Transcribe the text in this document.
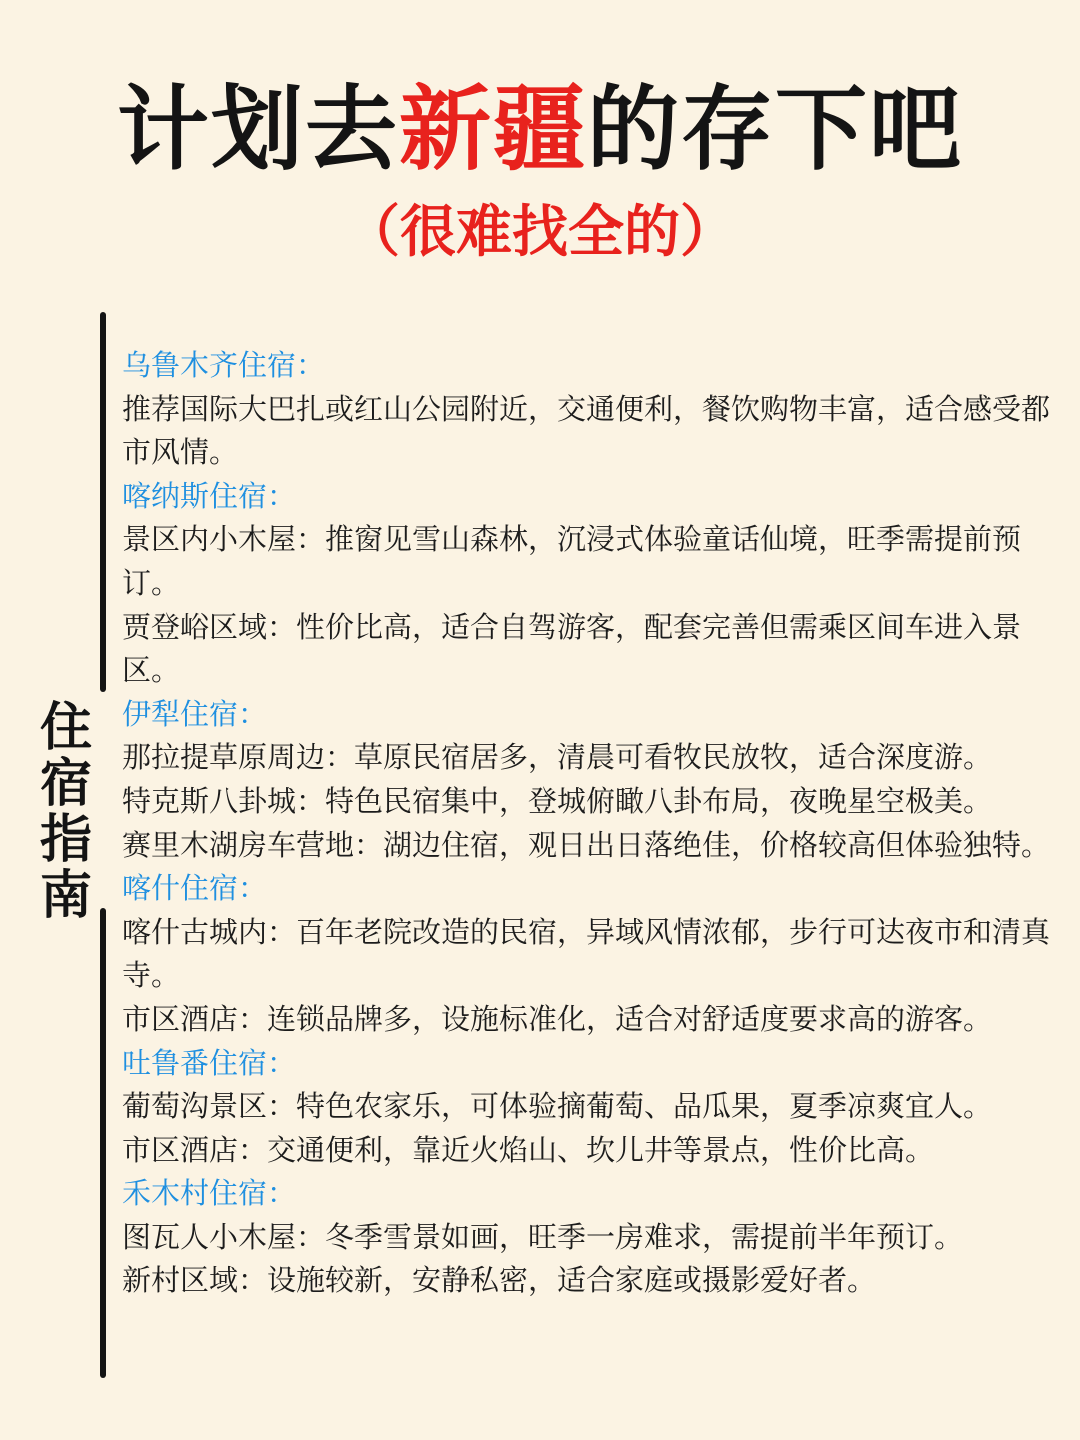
计划去新疆的存下吧
（很难找全的）
住宿指南

乌鲁木齐住宿：

推荐国际大巴扎或红山公园附近，交通便利，餐饮购物丰富，适合感受都市风情。

喀纳斯住宿：

景区内小木屋：推窗见雪山森林，沉浸式体验童话仙境，旺季需提前预订。

贾登峪区域：性价比高，适合自驾游客，配套完善但需乘区间车进入景区。

伊犁住宿：

那拉提草原周边：草原民宿居多，清晨可看牧民放牧，适合深度游。

特克斯八卦城：特色民宿集中，登城俯瞰八卦布局，夜晚星空极美。

赛里木湖房车营地：湖边住宿，观日出日落绝佳，价格较高但体验独特。

喀什住宿：

喀什古城内：百年老院改造的民宿，异域风情浓郁，步行可达夜市和清真寺。

市区酒店：连锁品牌多，设施标准化，适合对舒适度要求高的游客。

吐鲁番住宿：

葡萄沟景区：特色农家乐，可体验摘葡萄、品瓜果，夏季凉爽宜人。

市区酒店：交通便利，靠近火焰山、坎儿井等景点，性价比高。

禾木村住宿：

图瓦人小木屋：冬季雪景如画，旺季一房难求，需提前半年预订。

新村区域：设施较新，安静私密，适合家庭或摄影爱好者。
